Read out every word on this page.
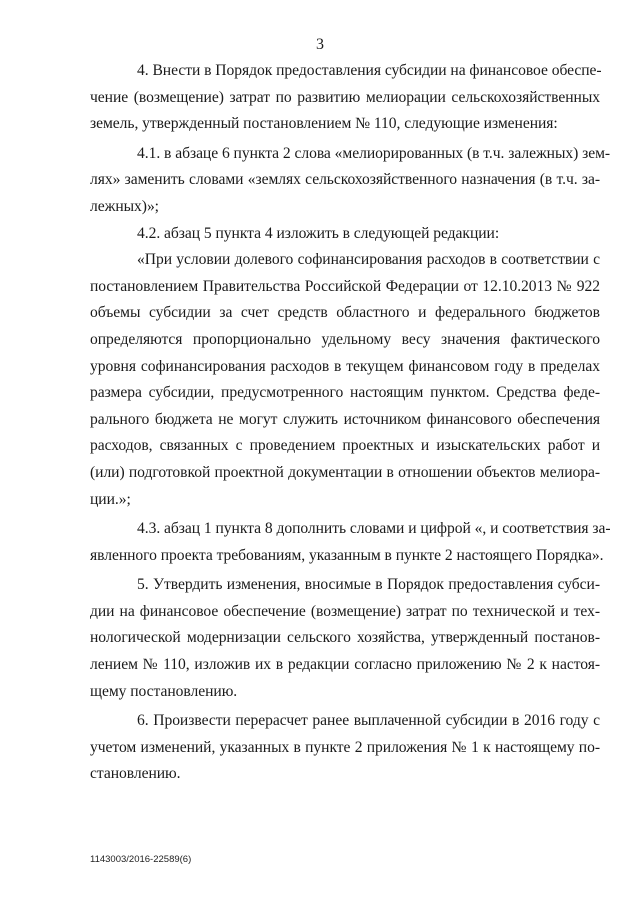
3
4. Внести в Порядок предоставления субсидии на финансовое обеспе-
чение (возмещение) затрат по развитию мелиорации сельскохозяйственных
земель, утвержденный постановлением № 110, следующие изменения:
4.1. в абзаце 6 пункта 2 слова «мелиорированных (в т.ч. залежных) зем-
лях» заменить словами «землях сельскохозяйственного назначения (в т.ч. за-
лежных)»;
4.2. абзац 5 пункта 4 изложить в следующей редакции:
«При условии долевого софинансирования расходов в соответствии с
постановлением Правительства Российской Федерации от 12.10.2013 № 922
объемы субсидии за счет средств областного и федерального бюджетов
определяются пропорционально удельному весу значения фактического
уровня софинансирования расходов в текущем финансовом году в пределах
размера субсидии, предусмотренного настоящим пунктом. Средства феде-
рального бюджета не могут служить источником финансового обеспечения
расходов, связанных с проведением проектных и изыскательских работ и
(или) подготовкой проектной документации в отношении объектов мелиора-
ции.»;
4.3. абзац 1 пункта 8 дополнить словами и цифрой «, и соответствия за-
явленного проекта требованиям, указанным в пункте 2 настоящего Порядка».
5. Утвердить изменения, вносимые в Порядок предоставления субси-
дии на финансовое обеспечение (возмещение) затрат по технической и тех-
нологической модернизации сельского хозяйства, утвержденный постанов-
лением № 110, изложив их в редакции согласно приложению № 2 к настоя-
щему постановлению.
6. Произвести перерасчет ранее выплаченной субсидии в 2016 году с
учетом изменений, указанных в пункте 2 приложения № 1 к настоящему по-
становлению.
1143003/2016-22589(6)
